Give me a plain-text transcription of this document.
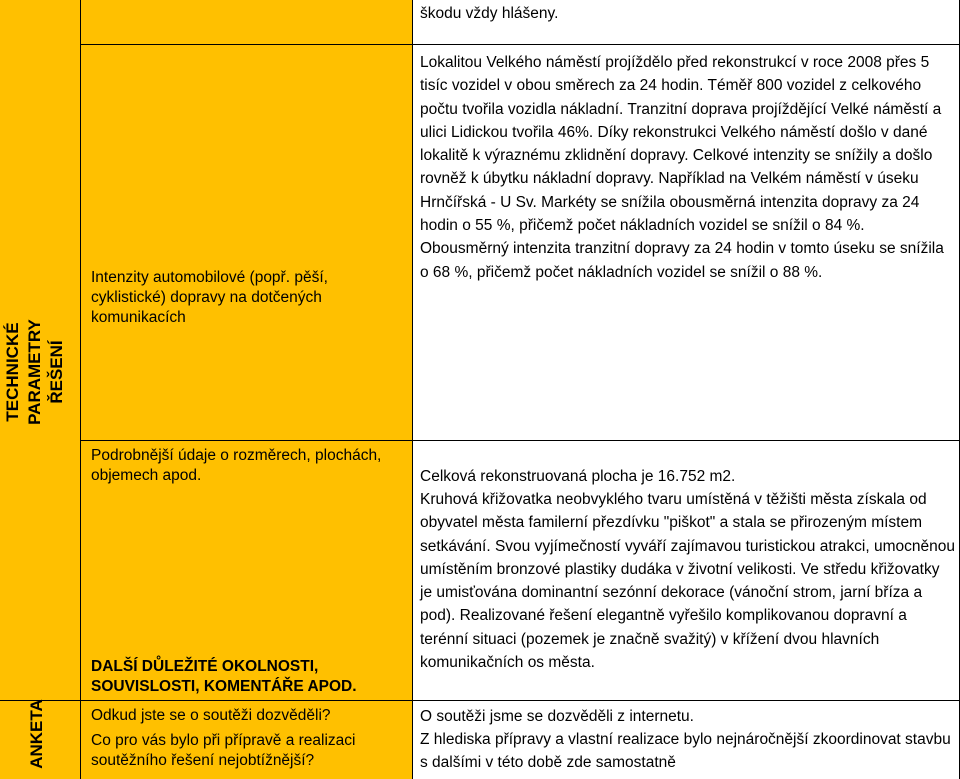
TECHNICKÉ PARAMETRY ŘEŠENÍ
ANKETA
škodu vždy hlášeny.
Intenzity automobilové (popř. pěší, cyklistické) dopravy na dotčených komunikacích
Lokalitou Velkého náměstí projíždělo před rekonstrukcí v roce 2008 přes 5 tisíc vozidel v obou směrech za 24 hodin. Téměř 800 vozidel z celkového počtu tvořila vozidla nákladní. Tranzitní doprava projíždějící Velké náměstí a ulici Lidickou tvořila 46%. Díky rekonstrukci Velkého náměstí došlo v dané lokalitě k výraznému zklidnění dopravy. Celkové intenzity se snížily a došlo rovněž k úbytku nákladní dopravy. Například na Velkém náměstí v úseku Hrnčířská - U Sv. Markéty se snížila obousměrná intenzita dopravy za 24 hodin o 55 %, přičemž počet nákladních vozidel se snížil o 84 %. Obousměrný intenzita tranzitní dopravy za 24 hodin v tomto úseku se snížila o 68 %, přičemž počet nákladních vozidel se snížil o 88 %.
Podrobnější údaje o rozměrech, plochách, objemech apod.	Celková rekonstruovaná plocha je 16.752 m2.
DALŠÍ DŮLEŽITÉ OKOLNOSTI, SOUVISLOSTI, KOMENTÁŘE APOD.
Kruhová křižovatka neobvyklého tvaru umístěná v těžišti města získala od obyvatel města familerní přezdívku "piškot" a stala se přirozeným místem setkávání. Svou vyjímečností vyváří zajímavou turistickou atrakci, umocněnou umístěním bronzové plastiky dudáka v životní velikosti. Ve středu křižovatky je umisťována dominantní sezónní dekorace (vánoční strom, jarní bříza a pod). Realizované řešení elegantně vyřešilo komplikovanou dopravní a terénní situaci (pozemek je značně svažitý) v křížení dvou hlavních komunikačních os města.
Odkud jste se o soutěži dozvěděli?	O soutěži jsme se dozvěděli z internetu.
Co pro vás bylo při přípravě a realizaci soutěžního řešení nejobtížnější?
Z hlediska přípravy a vlastní realizace bylo nejnáročnější zkoordinovat stavbu s dalšími v této době zde samostatně
